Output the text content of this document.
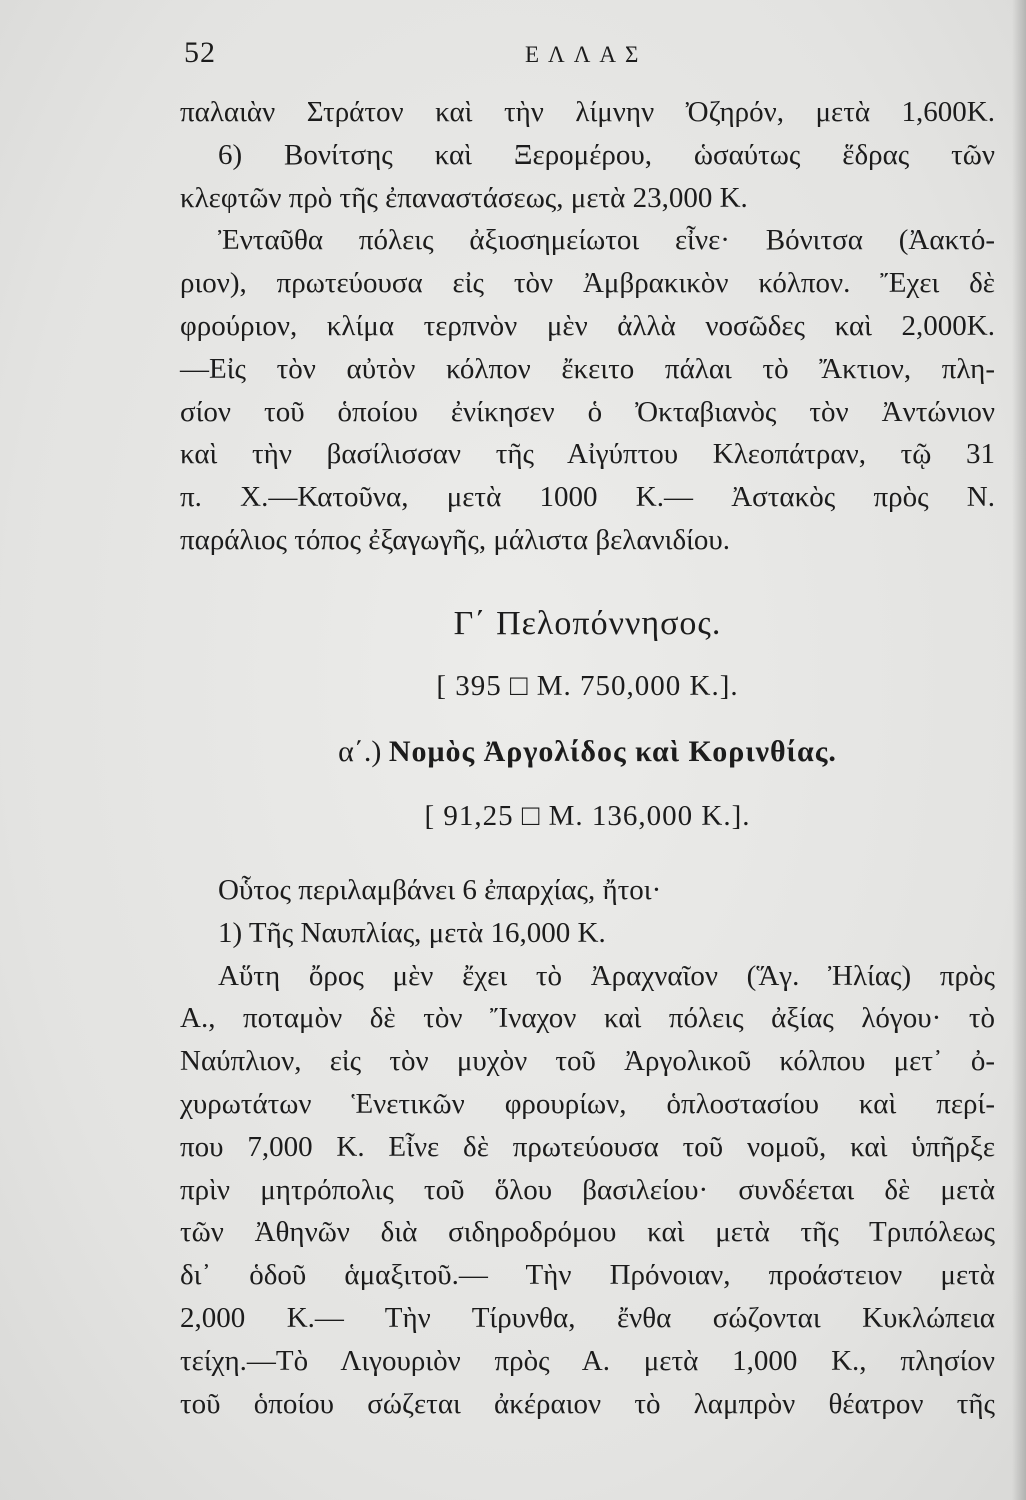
52	ΕΛΛΑΣ
παλαιὰν Στράτον καὶ τὴν λίμνην Ὀζηρόν, μετὰ 1,600Κ.
6) Βονίτσης καὶ Ξερομέρου, ὡσαύτως ἕδρας τῶν
κλεφτῶν πρὸ τῆς ἐπαναστάσεως, μετὰ 23,000 Κ.
Ἐνταῦθα πόλεις ἀξιοσημείωτοι εἶνε· Βόνιτσα (Ἀακτό-
ριον), πρωτεύουσα εἰς τὸν Ἀμβρακικὸν κόλπον. Ἔχει δὲ
φρούριον, κλίμα τερπνὸν μὲν ἀλλὰ νοσῶδες καὶ 2,000Κ.
—Εἰς τὸν αὐτὸν κόλπον ἔκειτο πάλαι τὸ Ἄκτιον, πλη-
σίον τοῦ ὁποίου ἐνίκησεν ὁ Ὀκταβιανὸς τὸν Ἀντώνιον
καὶ τὴν βασίλισσαν τῆς Αἰγύπτου Κλεοπάτραν, τῷ 31
π. Χ.—Κατοῦνα, μετὰ 1000 Κ.— Ἀστακὸς πρὸς Ν.
παράλιος τόπος ἐξαγωγῆς, μάλιστα βελανιδίου.
Γ΄ Πελοπόννησος.
[ 395 □ Μ. 750,000 Κ.].
α΄.) Νομὸς Ἀργολίδος καὶ Κορινθίας.
[ 91,25 □ Μ. 136,000 Κ.].
Οὗτος περιλαμβάνει 6 ἐπαρχίας, ἤτοι·
1) Τῆς Ναυπλίας, μετὰ 16,000 Κ.
Αὕτη ὄρος μὲν ἔχει τὸ Ἀραχναῖον (Ἅγ. Ἠλίας) πρὸς
Α., ποταμὸν δὲ τὸν Ἴναχον καὶ πόλεις ἀξίας λόγου· τὸ
Ναύπλιον, εἰς τὸν μυχὸν τοῦ Ἀργολικοῦ κόλπου μετ᾽ ὀ-
χυρωτάτων Ἑνετικῶν φρουρίων, ὁπλοστασίου καὶ περί-
που 7,000 Κ. Εἶνε δὲ πρωτεύουσα τοῦ νομοῦ, καὶ ὑπῆρξε
πρὶν μητρόπολις τοῦ ὅλου βασιλείου· συνδέεται δὲ μετὰ
τῶν Ἀθηνῶν διὰ σιδηροδρόμου καὶ μετὰ τῆς Τριπόλεως
δι᾽ ὁδοῦ ἁμαξιτοῦ.— Τὴν Πρόνοιαν, προάστειον μετὰ
2,000 Κ.— Τὴν Τίρυνθα, ἔνθα σώζονται Κυκλώπεια
τείχη.—Τὸ Λιγουριὸν πρὸς Α. μετὰ 1,000 Κ., πλησίον
τοῦ ὁποίου σώζεται ἀκέραιον τὸ λαμπρὸν θέατρον τῆς
